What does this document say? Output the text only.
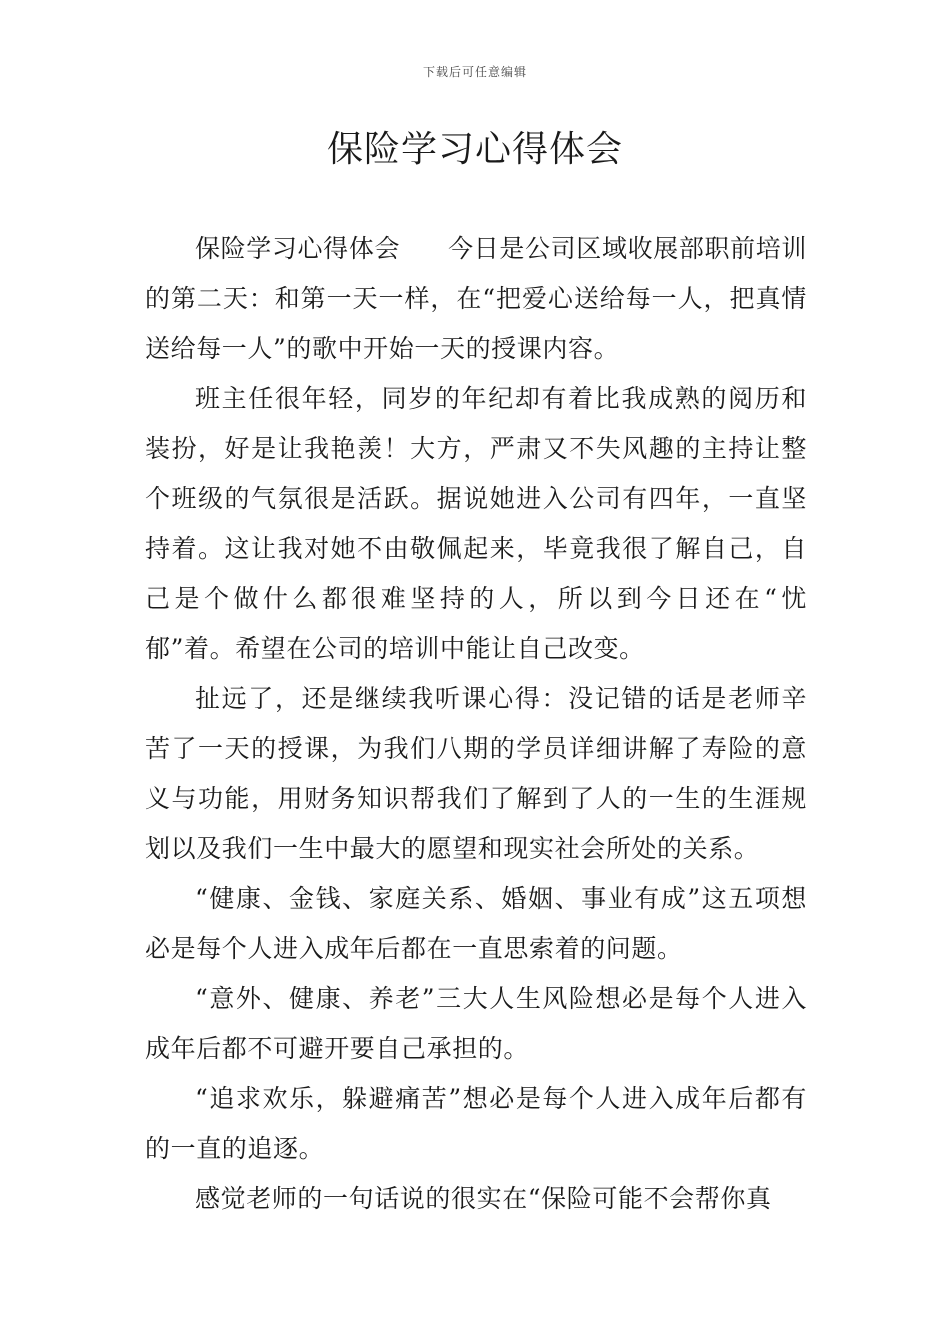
下载后可任意编辑
保险学习心得体会

保险学习心得体会 今日是公司区域收展部职前培训的第二天：和第一天一样，在“把爱心送给每一人，把真情送给每一人”的歌中开始一天的授课内容。

班主任很年轻，同岁的年纪却有着比我成熟的阅历和装扮，好是让我艳羡！大方，严肃又不失风趣的主持让整个班级的气氛很是活跃。据说她进入公司有四年，一直坚持着。这让我对她不由敬佩起来，毕竟我很了解自己，自己是个做什么都很难坚持的人，所以到今日还在“忧郁”着。希望在公司的培训中能让自己改变。

扯远了，还是继续我听课心得：没记错的话是老师辛苦了一天的授课，为我们八期的学员详细讲解了寿险的意义与功能，用财务知识帮我们了解到了人的一生的生涯规划以及我们一生中最大的愿望和现实社会所处的关系。

“健康、金钱、家庭关系、婚姻、事业有成”这五项想必是每个人进入成年后都在一直思索着的问题。

“意外、健康、养老”三大人生风险想必是每个人进入成年后都不可避开要自己承担的。

“追求欢乐，躲避痛苦”想必是每个人进入成年后都有的一直的追逐。

感觉老师的一句话说的很实在“保险可能不会帮你真
